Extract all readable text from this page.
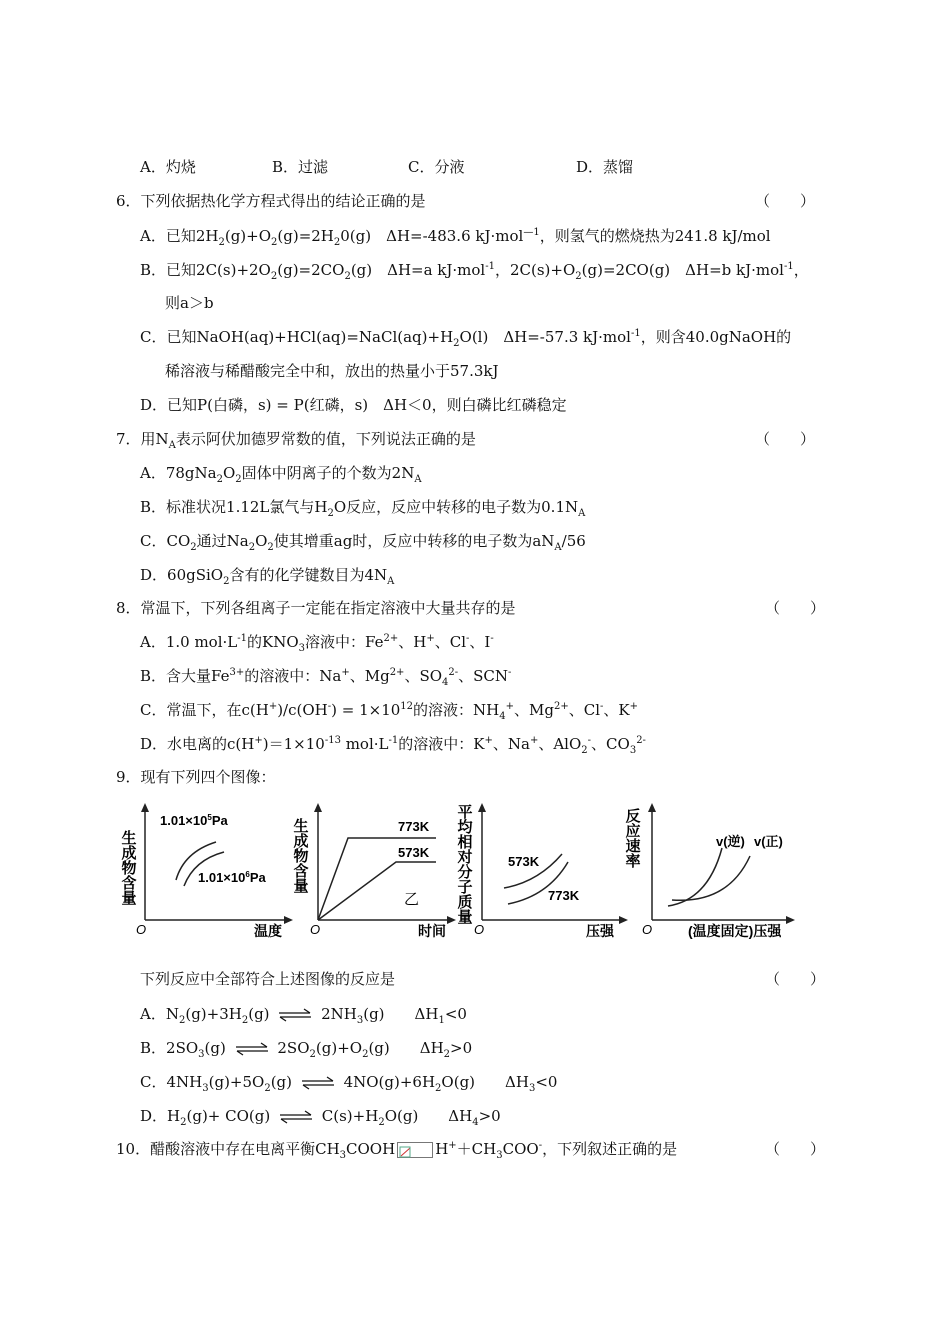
A．灼烧	B．过滤	C．分液	D．蒸馏
6．下列依据热化学方程式得出的结论正确的是	（　　）
A．已知$2H_2(g)+O_2(g)=2H_20(g)$　ΔH=-483.6 kJ·mol$^{—1}$，则氢气的燃烧热为241.8 kJ/mol
B．已知$2C(s)+2O_2(g)=2CO_2(g)$　ΔH=a kJ·mol$^{-1}$，$2C(s)+O_2(g)=2CO(g)$　ΔH=b kJ·mol$^{-1}$，
则a＞b
C．已知$NaOH(aq)+HCl(aq)=NaCl(aq)+H_2O(l)$　ΔH=-57.3 kJ·mol$^{-1}$，则含40.0gNaOH的
稀溶液与稀醋酸完全中和，放出的热量小于57.3kJ
D．已知P(白磷，s) = P(红磷，s)　ΔH＜0，则白磷比红磷稳定
7．用$N_A$表示阿伏加德罗常数的值，下列说法正确的是	（　　）
A．$78gNa_2O_2$固体中阴离子的个数为$2N_A$
B．标准状况1.12L氯气与$H_2O$反应，反应中转移的电子数为$0.1N_A$
C．$CO_2$通过$Na_2O_2$使其增重ag时，反应中转移的电子数为$aN_A/56$
D．60gSiO$_2$含有的化学键数目为$4N_A$
8．常温下，下列各组离子一定能在指定溶液中大量共存的是	（　　）
A．1.0 $mol\cdot L^{-1}$的$KNO_3$溶液中：$Fe^{2+}$、H+、Cl-、I-
B．含大量$Fe^{3+}$的溶液中：Na+、$Mg^{2+}$、$SO_4^{2-}$、SCN-
C．常温下，在$c(H^+)/c(OH^-) = 1\times 10^{12}$的溶液：$NH_4^+$、$Mg^{2+}$、Cl-、K+
D．水电离的$c(H^+)=1\times 10^{-13}$ $mol\cdot L^{-1}$的溶液中：K+、Na+、AlO$_2$-、$CO_3^{2-}$
9．现有下列四个图像：
生成物含量
$1.01\times 10^5Pa$
$1.01\times 10^6Pa$
O	温度
生成物含量	773K
573K
乙
O	时间
平均相对分子质量	573K
773K
O	压强
反应速率	v(逆) v(正)
O	(温度固定)压强
下列反应中全部符合上述图像的反应是	（　　）
A．$N_2(g)+3H_2(g)$ ⇌ $2NH_3(g)$　　$\Delta H_1<0$
B．$2SO_3(g)$ ⇌ $2SO_2(g)+O_2(g)$　　$\Delta H_2>0$
C．$4NH_3(g)+5O_2(g)$ ⇌ $4NO(g)+6H_2O(g)$　　$\Delta H_3<0$
D．$H_2(g)+ CO(g)$ ⇌ $C(s)+H_2O(g)$　　$\Delta H_4>0$
10．醋酸溶液中存在电离平衡$CH_3COOH$	$H^++CH_3COO^-$，下列叙述正确的是	（　　）
